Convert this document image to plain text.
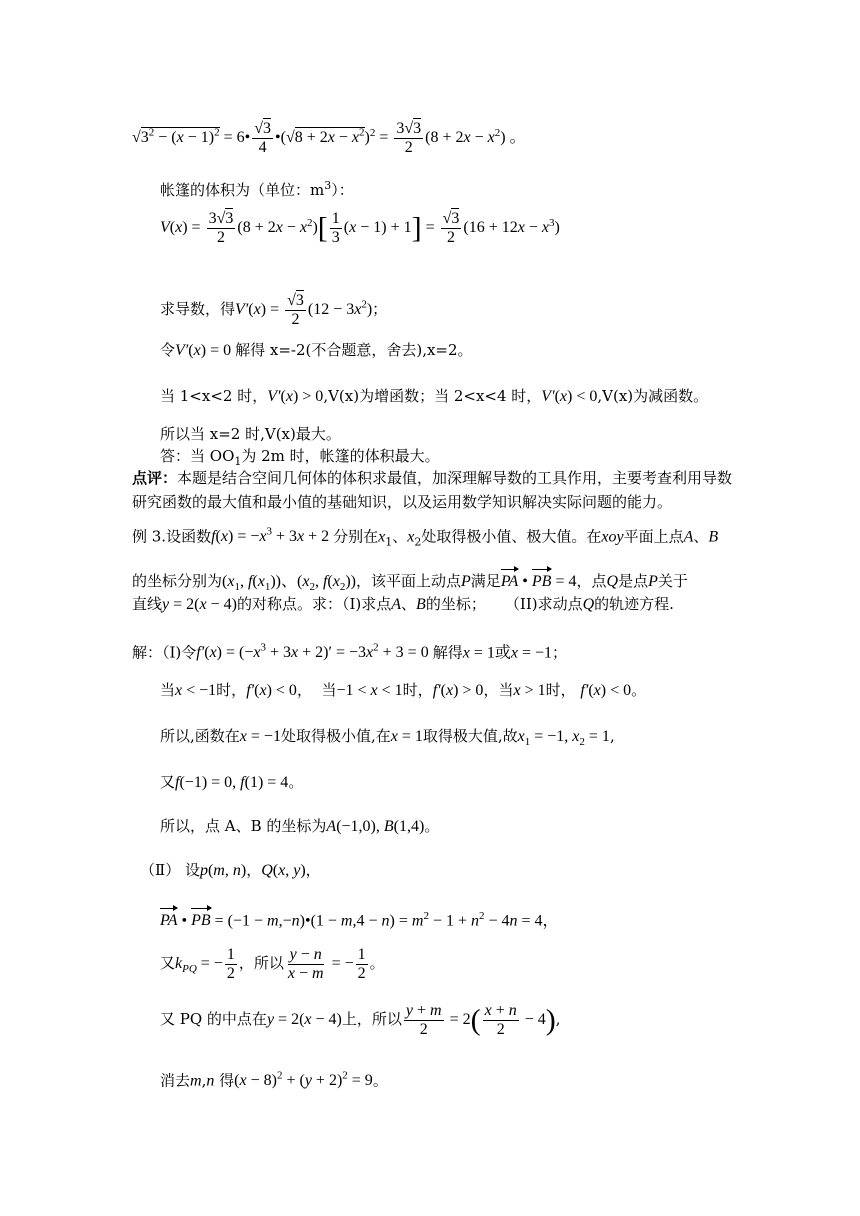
$√3^2 - (x - 1)^2$ = 6• $\frac{√3}{4}$ •(√8 + $2x - x^2)^2 = \frac{3√3}{2} (8 + 2x - x^2)$ 。
帐篷的体积为（单位：$m^3$）：
$V(x) = \frac{3√3}{2} (8 + 2x - x^2)[ \frac{1}{3} (x - 1) + 1] = \frac{√3}{2} (16 + 12x - x^3)$
求导数，得$V'(x) = \frac{√3}{2} (12 - 3x^2)$；
令V′(x) = 0 解得 x=-2(不合题意，舍去),x=2。
当 1<x<2 时，V′(x) > 0,V(x)为增函数；当 2<x<4 时，V′(x) < 0,V(x)为减函数。
所以当 x=2 时,V(x)最大。
答：当 $OO_1$为 2m 时，帐篷的体积最大。
点评：本题是结合空间几何体的体积求最值，加深理解导数的工具作用，主要考查利用导数
研究函数的最大值和最小值的基础知识，以及运用数学知识解决实际问题的能力。
例 3.设函数$f(x) = -x^3 + 3x + 2$ 分别在$x_1$、$x_2$处取得极小值、极大值。在xoy平面上点A、B
的坐标分别为($x_1$, $f(x_1)$)、($x_2$, $f(x_2)$)，该平面上动点P满足PA • PB = 4，点Q是点P关于
直线y = 2(x − 4)的对称点。求：（I)求点A、B的坐标； （II)求动点Q的轨迹方程.
解：（Ⅰ)令$f'(x) = (-x^3 + 3x + 2)' = -3x^2 + 3 = 0$ 解得x = 1或x = −1；
当x < −1时，f′(x) < 0，  当−1 < x < 1时，f′(x) > 0，当x > 1时， f′(x) < 0。
所以,函数在x = −1处取得极小值,在x = 1取得极大值,故$x_1 = -1$, $x_2 = 1$,
又f(−1) = 0, f(1) = 4。
所以，点 A、B 的坐标为A(−1,0), B(1,4)。
（Ⅱ） 设p(m, n)，Q(x, y)，
PA • PB = (−1 − m,−n)•(1 − $m,4 - n) = m^2 - 1 + n^2 - 4n = 4$，
又$k_{PQ}$ = − $\frac{1}{2}$ ，所以 $\frac{y - n}{x - m}$ = − $\frac{1}{2}$ 。
又 PQ 的中点在y = 2(x − 4)上，所以 $\frac{y + m}{2} = 2( \frac{x + n}{2} - 4)$,
消去m,n 得$(x - 8)^2 + (y + 2)^2 = 9$。
